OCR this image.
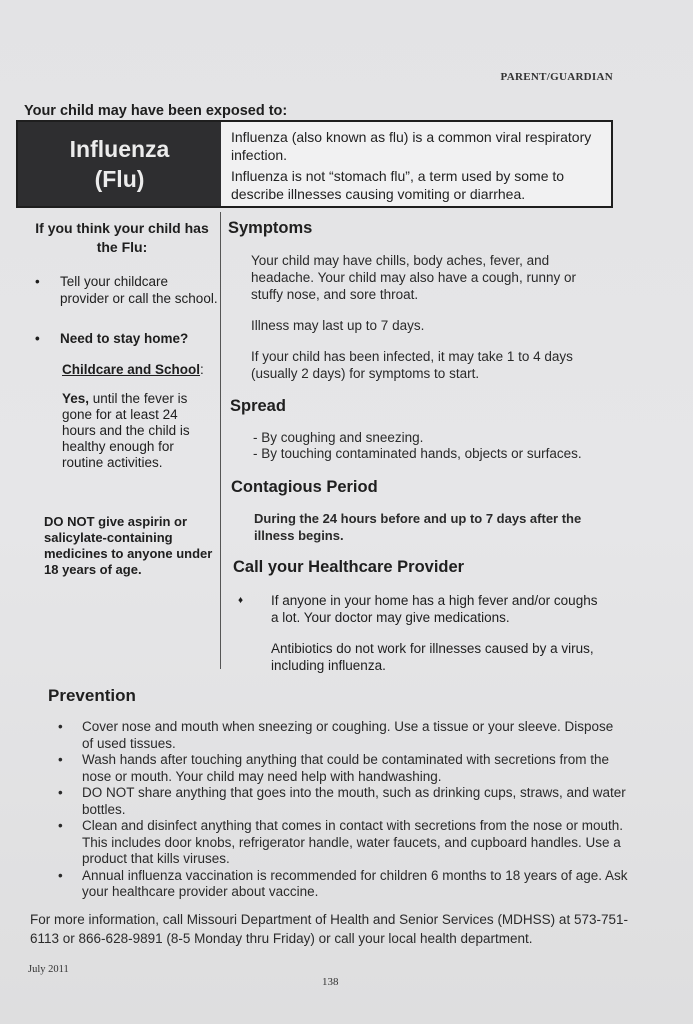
PARENT/GUARDIAN
Your child may have been exposed to:
Influenza
(Flu)

Influenza (also known as flu) is a common viral respiratory infection.

Influenza is not “stomach flu”, a term used by some to describe illnesses causing vomiting or diarrhea.

If you think your child has the Flu:
• Tell your childcare provider or call the school.
• Need to stay home?
Childcare and School:
Yes, until the fever is gone for at least 24 hours and the child is healthy enough for routine activities.
DO NOT give aspirin or salicylate-containing medicines to anyone under 18 years of age.
Symptoms

Your child may have chills, body aches, fever, and headache. Your child may also have a cough, runny or stuffy nose, and sore throat.

Illness may last up to 7 days.

If your child has been infected, it may take 1 to 4 days (usually 2 days) for symptoms to start.

Spread
- By coughing and sneezing.
- By touching contaminated hands, objects or surfaces.
Contagious Period
During the 24 hours before and up to 7 days after the illness begins.
Call your Healthcare Provider
♦ If anyone in your home has a high fever and/or coughs a lot. Your doctor may give medications.
Antibiotics do not work for illnesses caused by a virus, including influenza.
Prevention
• Cover nose and mouth when sneezing or coughing. Use a tissue or your sleeve. Dispose of used tissues.
• Wash hands after touching anything that could be contaminated with secretions from the nose or mouth. Your child may need help with handwashing.
• DO NOT share anything that goes into the mouth, such as drinking cups, straws, and water bottles.
• Clean and disinfect anything that comes in contact with secretions from the nose or mouth. This includes door knobs, refrigerator handle, water faucets, and cupboard handles. Use a product that kills viruses.
• Annual influenza vaccination is recommended for children 6 months to 18 years of age. Ask your healthcare provider about vaccine.
For more information, call Missouri Department of Health and Senior Services (MDHSS) at 573-751-6113 or 866-628-9891 (8-5 Monday thru Friday) or call your local health department.
July 2011
138
